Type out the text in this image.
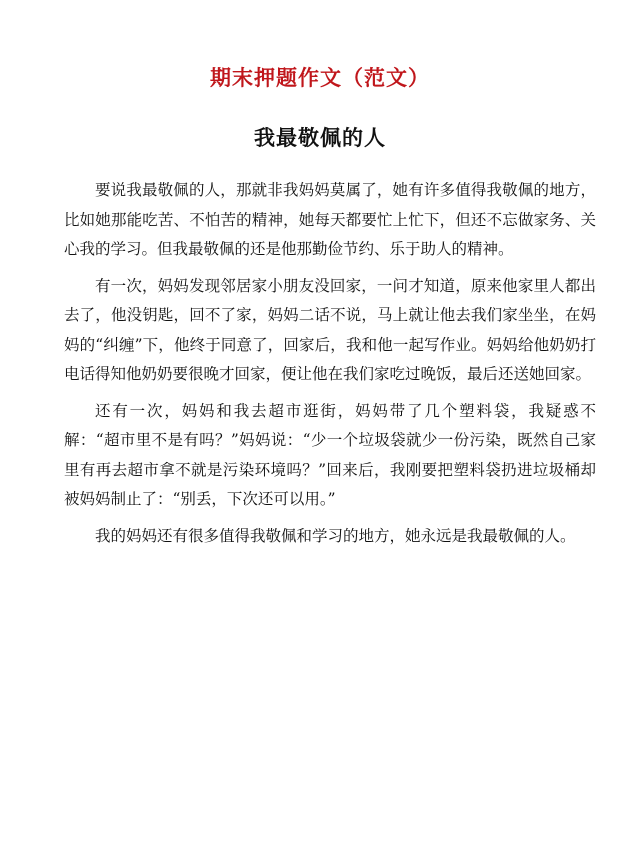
期末押题作文（范文）
我最敬佩的人

要说我最敬佩的人，那就非我妈妈莫属了，她有许多值得我敬佩的地方，比如她那能吃苦、不怕苦的精神，她每天都要忙上忙下，但还不忘做家务、关心我的学习。但我最敬佩的还是他那勤俭节约、乐于助人的精神。

有一次，妈妈发现邻居家小朋友没回家，一问才知道，原来他家里人都出去了，他没钥匙，回不了家，妈妈二话不说，马上就让他去我们家坐坐，在妈妈的“纠缠”下，他终于同意了，回家后，我和他一起写作业。妈妈给他奶奶打电话得知他奶奶要很晚才回家，便让他在我们家吃过晚饭，最后还送她回家。

还有一次，妈妈和我去超市逛街，妈妈带了几个塑料袋，我疑惑不解：“超市里不是有吗？”妈妈说：“少一个垃圾袋就少一份污染，既然自己家里有再去超市拿不就是污染环境吗？”回来后，我刚要把塑料袋扔进垃圾桶却被妈妈制止了：“别丢，下次还可以用。”

我的妈妈还有很多值得我敬佩和学习的地方，她永远是我最敬佩的人。
